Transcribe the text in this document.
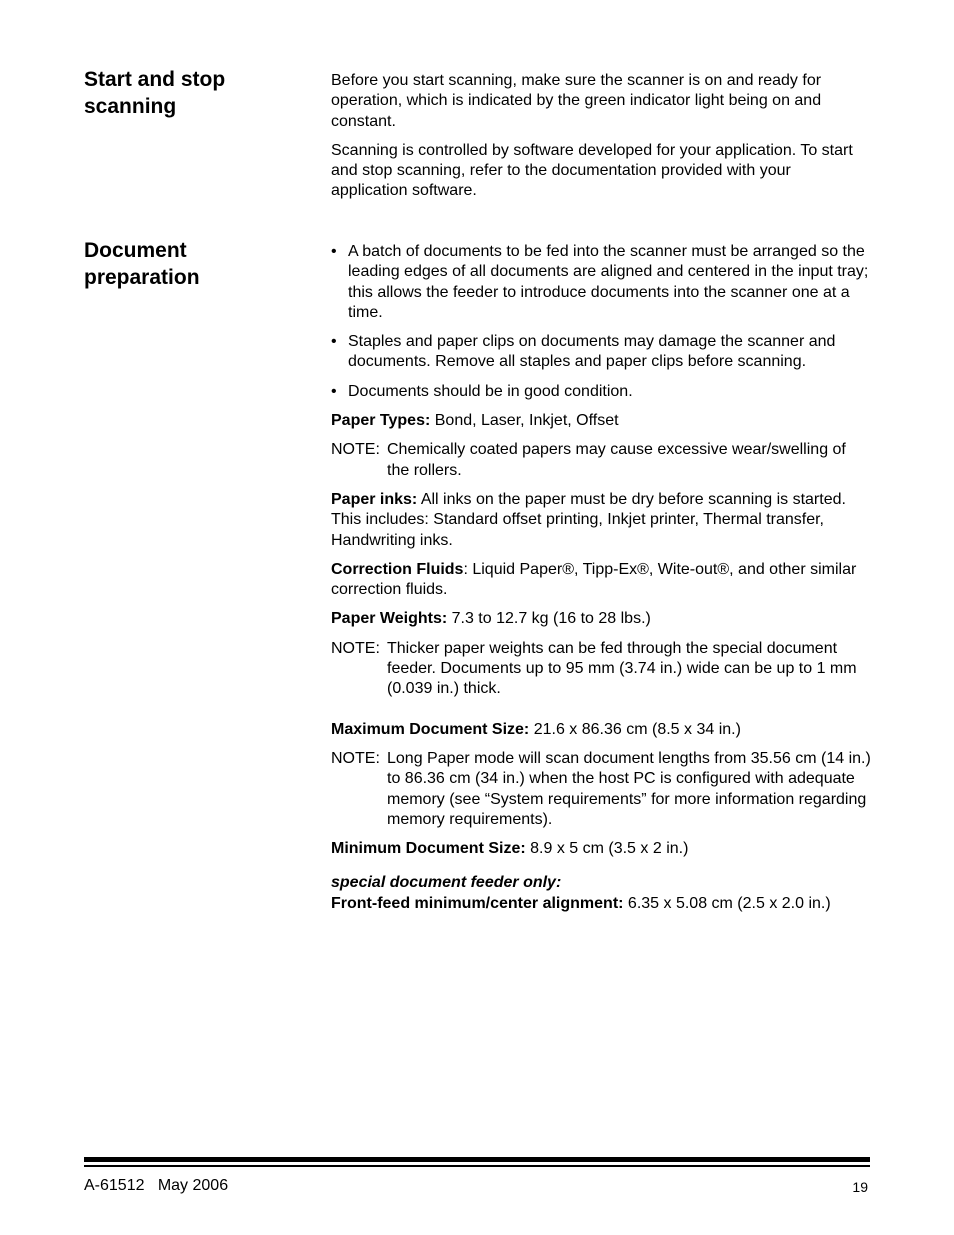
Start and stop scanning

Before you start scanning, make sure the scanner is on and ready for operation, which is indicated by the green indicator light being on and constant.

Scanning is controlled by software developed for your application. To start and stop scanning, refer to the documentation provided with your application software.

Document preparation
• A batch of documents to be fed into the scanner must be arranged so the leading edges of all documents are aligned and centered in the input tray; this allows the feeder to introduce documents into the scanner one at a time.
• Staples and paper clips on documents may damage the scanner and documents. Remove all staples and paper clips before scanning.
• Documents should be in good condition.

Paper Types: Bond, Laser, Inkjet, Offset

NOTE: Chemically coated papers may cause excessive wear/swelling of the rollers.

Paper inks: All inks on the paper must be dry before scanning is started. This includes: Standard offset printing, Inkjet printer, Thermal transfer, Handwriting inks.

Correction Fluids: Liquid Paper®, Tipp-Ex®, Wite-out®, and other similar correction fluids.

Paper Weights: 7.3 to 12.7 kg (16 to 28 lbs.)

NOTE: Thicker paper weights can be fed through the special document feeder. Documents up to 95 mm (3.74 in.) wide can be up to 1 mm (0.039 in.) thick.

Maximum Document Size: 21.6 x 86.36 cm (8.5 x 34 in.)

NOTE: Long Paper mode will scan document lengths from 35.56 cm (14 in.) to 86.36 cm (34 in.) when the host PC is configured with adequate memory (see “System requirements” for more information regarding memory requirements).

Minimum Document Size: 8.9 x 5 cm (3.5 x 2 in.)

special document feeder only:

Front-feed minimum/center alignment: 6.35 x 5.08 cm (2.5 x 2.0 in.)

A-61512   May 2006	19
